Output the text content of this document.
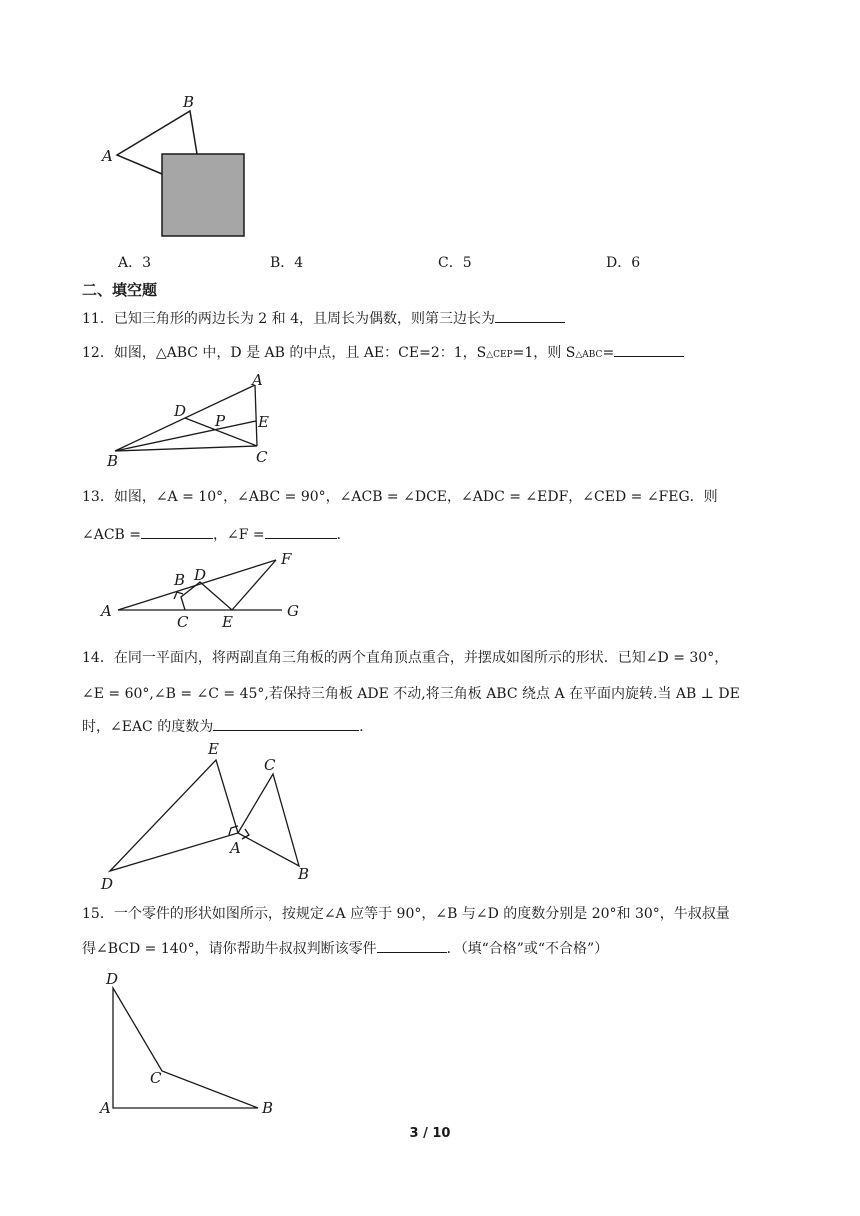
A
B
A．3	B．4	C．5	D．6
二、填空题
11．已知三角形的两边长为 2 和 4，且周长为偶数，则第三边长为
12．如图，△ABC 中，D 是 AB 的中点，且 AE：CE=2：1，S△CEP=1，则 S△ABC=
A
D
P E
B	C
13．如图，∠A = 10°，∠ABC = 90°，∠ACB = ∠DCE，∠ADC = ∠EDF，∠CED = ∠FEG．则
∠ACB =	，∠F =	．
A
B D
C E
F
G
14．在同一平面内，将两副直角三角板的两个直角顶点重合，并摆成如图所示的形状．已知∠D = 30°，
∠E = 60°,∠B = ∠C = 45°,若保持三角板 ADE 不动,将三角板 ABC 绕点 A 在平面内旋转.当 AB ⊥ DE
时，∠EAC 的度数为	．
E
C
A
D
B
15．一个零件的形状如图所示，按规定∠A 应等于 90°，∠B 与∠D 的度数分别是 20°和 30°，牛叔叔量
得∠BCD = 140°，请你帮助牛叔叔判断该零件	．（填“合格”或“不合格”）
D
C
A	B
3 / 10
